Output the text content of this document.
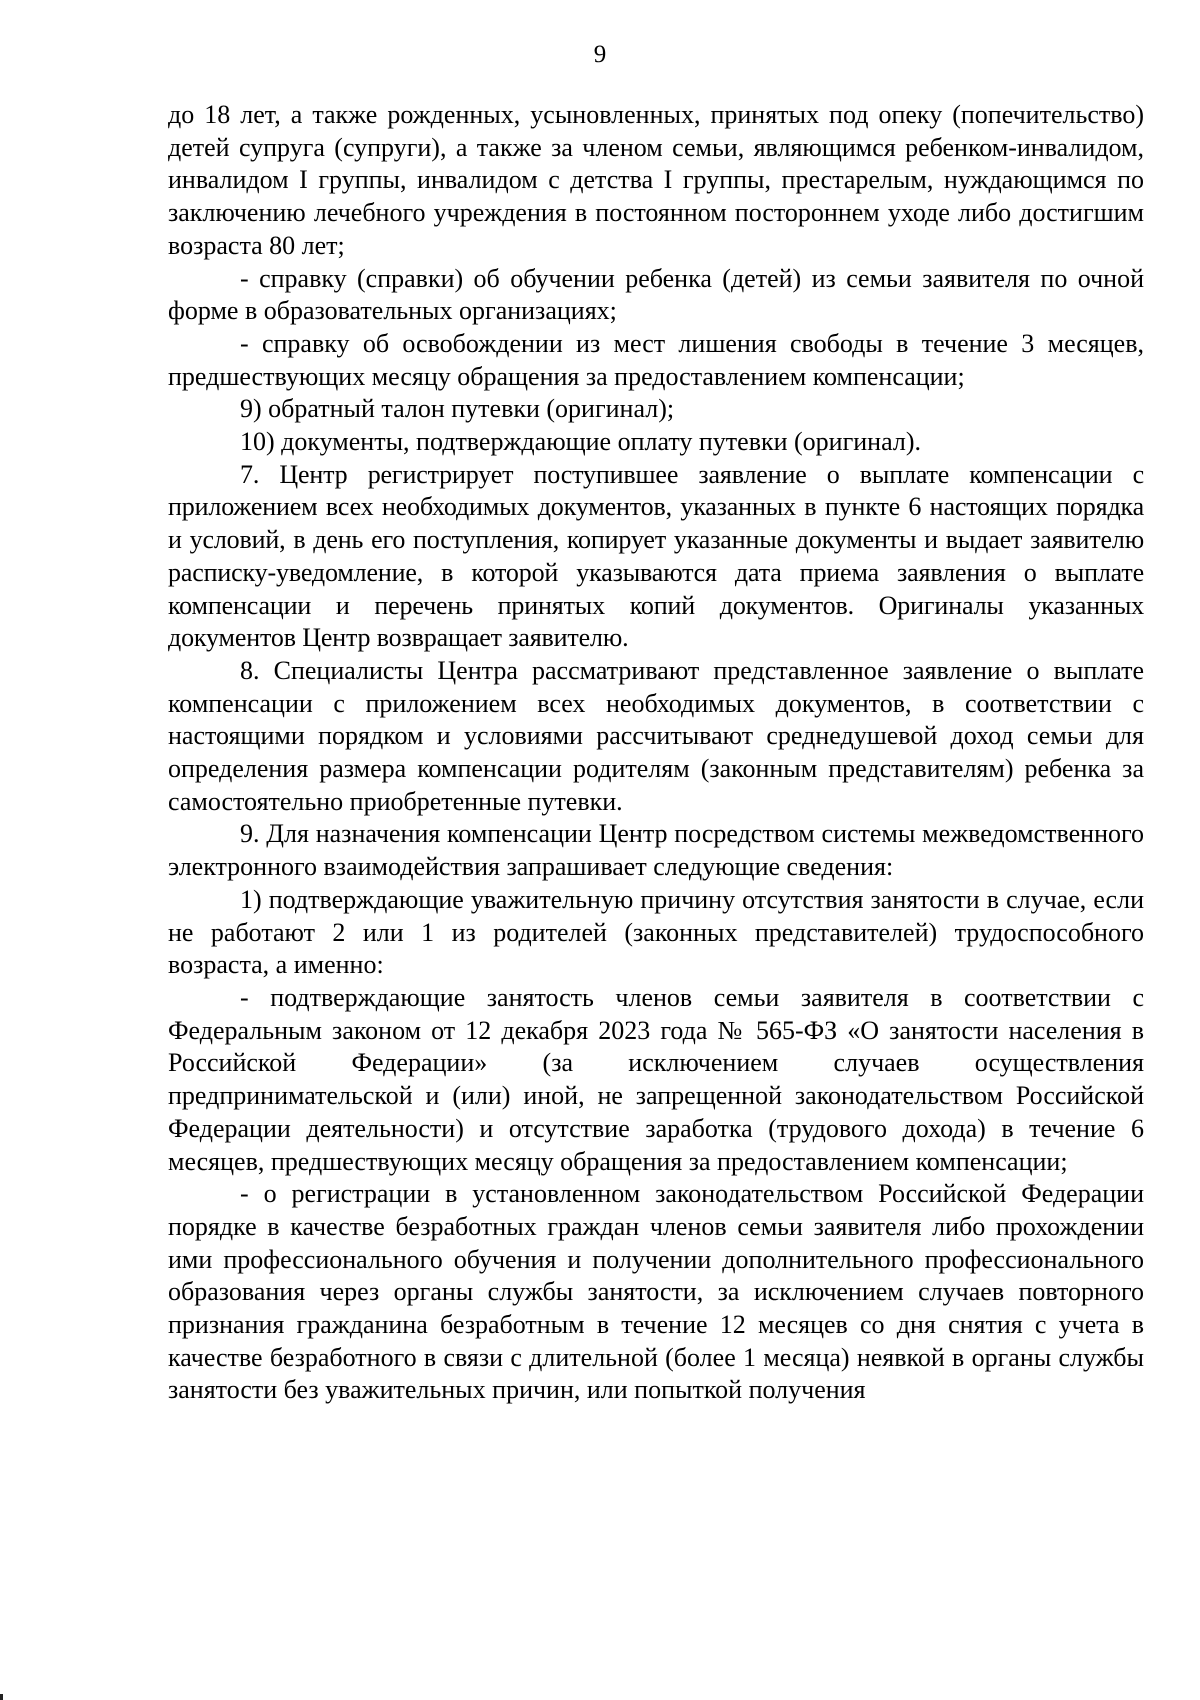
9

до 18 лет, а также рожденных, усыновленных, принятых под опеку (попечительство) детей супруга (супруги), а также за членом семьи, являющимся ребенком-инвалидом, инвалидом I группы, инвалидом с детства I группы, престарелым, нуждающимся по заключению лечебного учреждения в постоянном постороннем уходе либо достигшим возраста 80 лет;

- справку (справки) об обучении ребенка (детей) из семьи заявителя по очной форме в образовательных организациях;

- справку об освобождении из мест лишения свободы в течение 3 месяцев, предшествующих месяцу обращения за предоставлением компенсации;

9) обратный талон путевки (оригинал);

10) документы, подтверждающие оплату путевки (оригинал).

7. Центр регистрирует поступившее заявление о выплате компенсации с приложением всех необходимых документов, указанных в пункте 6 настоящих порядка и условий, в день его поступления, копирует указанные документы и выдает заявителю расписку-уведомление, в которой указываются дата приема заявления о выплате компенсации и перечень принятых копий документов. Оригиналы указанных документов Центр возвращает заявителю.

8. Специалисты Центра рассматривают представленное заявление о выплате компенсации с приложением всех необходимых документов, в соответствии с настоящими порядком и условиями рассчитывают среднедушевой доход семьи для определения размера компенсации родителям (законным представителям) ребенка за самостоятельно приобретенные путевки.

9. Для назначения компенсации Центр посредством системы межведомственного электронного взаимодействия запрашивает следующие сведения:

1) подтверждающие уважительную причину отсутствия занятости в случае, если не работают 2 или 1 из родителей (законных представителей) трудоспособного возраста, а именно:

- подтверждающие занятость членов семьи заявителя в соответствии с Федеральным законом от 12 декабря 2023 года № 565-ФЗ «О занятости населения в Российской Федерации» (за исключением случаев осуществления предпринимательской и (или) иной, не запрещенной законодательством Российской Федерации деятельности) и отсутствие заработка (трудового дохода) в течение 6 месяцев, предшествующих месяцу обращения за предоставлением компенсации;

- о регистрации в установленном законодательством Российской Федерации порядке в качестве безработных граждан членов семьи заявителя либо прохождении ими профессионального обучения и получении дополнительного профессионального образования через органы службы занятости, за исключением случаев повторного признания гражданина безработным в течение 12 месяцев со дня снятия с учета в качестве безработного в связи с длительной (более 1 месяца) неявкой в органы службы занятости без уважительных причин, или попыткой получения
